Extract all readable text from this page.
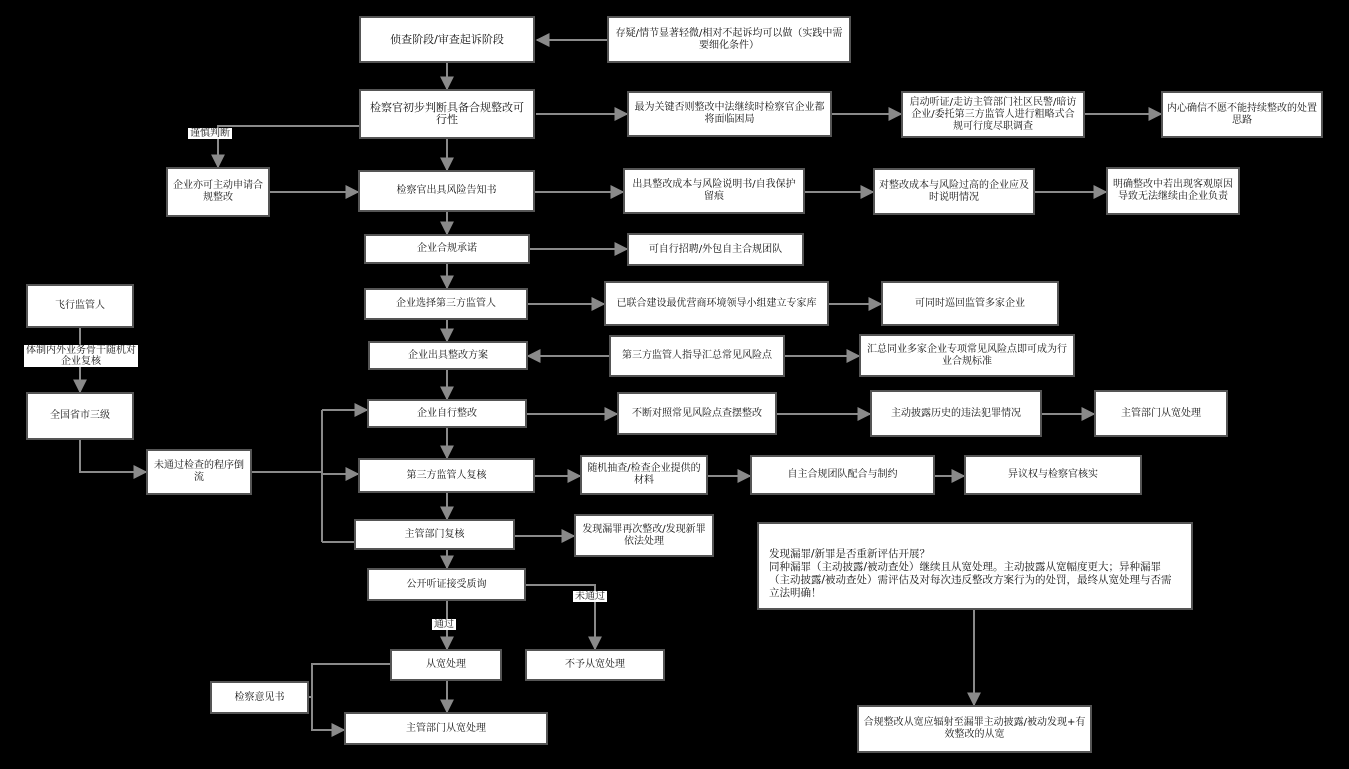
侦查阶段/审查起诉阶段	存疑/情节显著轻微/相对不起诉均可以做（实践中需要细化条件）
检察官初步判断具备合规整改可行性
最为关键否则整改中法继续时检察官企业都将面临困局
启动听证/走访主管部门社区民警/暗访企业/委托第三方监管人进行粗略式合规可行度尽职调查
内心确信不愿不能持续整改的处置思路
企业亦可主动申请合规整改
检察官出具风险告知书
出具整改成本与风险说明书/自我保护留痕
对整改成本与风险过高的企业应及时说明情况
明确整改中若出现客观原因导致无法继续由企业负责
企业合规承诺	可自行招聘/外包自主合规团队
企业选择第三方监管人	已联合建设最优营商环境领导小组建立专家库	可同时巡回监管多家企业
飞行监管人
企业出具整改方案	第三方监管人指导汇总常见风险点
汇总同业多家企业专项常见风险点即可成为行业合规标准
全国省市三级	企业自行整改	不断对照常见风险点查摆整改	主动披露历史的违法犯罪情况	主管部门从宽处理
未通过检查的程序倒流	第三方监管人复核
随机抽查/检查企业提供的材料
自主合规团队配合与制约	异议权与检察官核实
主管部门复核	发现漏罪再次整改/发现新罪依法处理
发现漏罪/新罪是否重新评估开展？
同种漏罪（主动披露/被动查处）继续且从宽处理。主动披露从宽幅度更大；异种漏罪（主动披露/被动查处）需评估及对每次违反整改方案行为的处罚，最终从宽处理与否需立法明确！
公开听证接受质询
从宽处理	不予从宽处理
检察意见书
主管部门从宽处理	合规整改从宽应辐射至漏罪主动披露/被动发现+有效整改的从宽
谨慎判断
体制内外业务骨干随机对企业复核
通过
未通过
